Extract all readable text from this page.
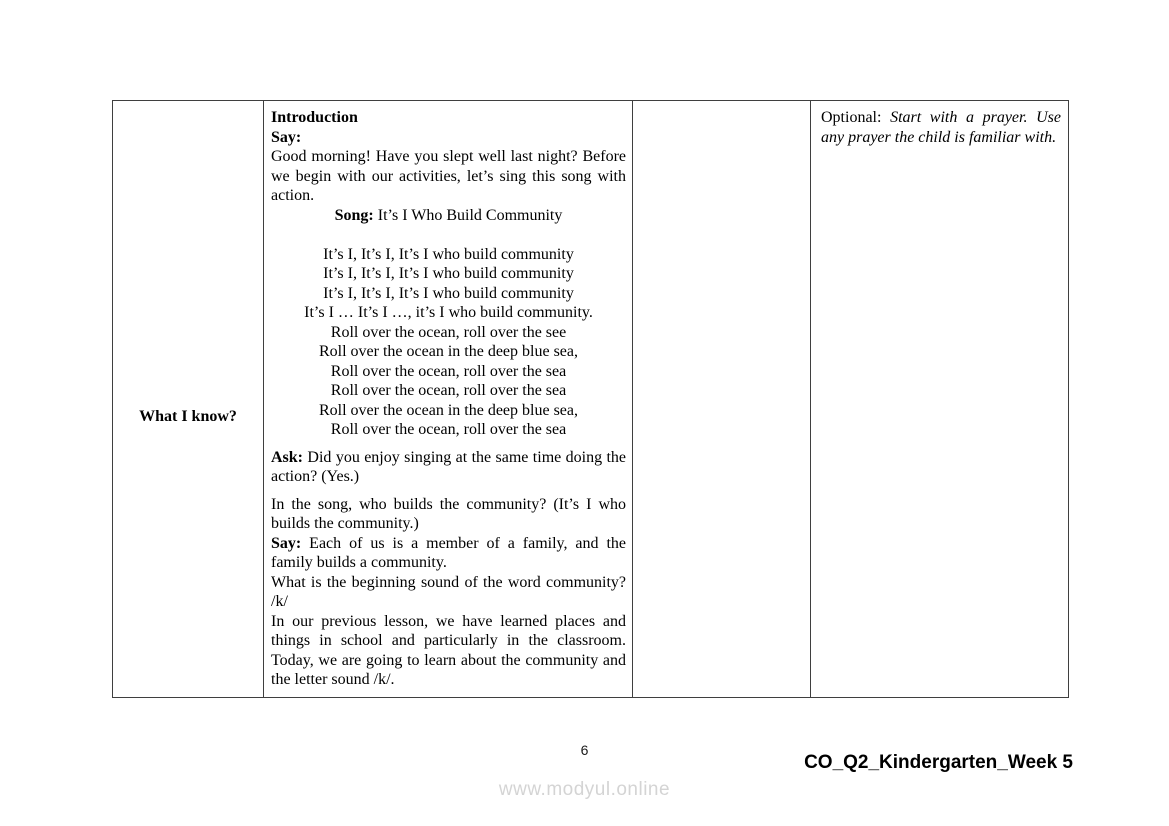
What I know?
Introduction
Say:
Good morning! Have you slept well last night? Before we begin with our activities, let’s sing this song with action.
Song: It’s I Who Build Community
It’s I, It’s I, It’s I who build community
It’s I, It’s I, It’s I who build community
It’s I, It’s I, It’s I who build community
It’s I … It’s I …, it’s I who build community.
Roll over the ocean, roll over the see
Roll over the ocean in the deep blue sea,
Roll over the ocean, roll over the sea
Roll over the ocean, roll over the sea
Roll over the ocean in the deep blue sea,
Roll over the ocean, roll over the sea
Ask: Did you enjoy singing at the same time doing the action? (Yes.)
In the song, who builds the community? (It’s I who builds the community.)
Say: Each of us is a member of a family, and the family builds a community.
What is the beginning sound of the word community? /k/
In our previous lesson, we have learned places and things in school and particularly in the classroom. Today, we are going to learn about the community and the letter sound /k/.
Optional: Start with a prayer. Use any prayer the child is familiar with.
6
CO_Q2_Kindergarten_Week 5
www.modyul.online
